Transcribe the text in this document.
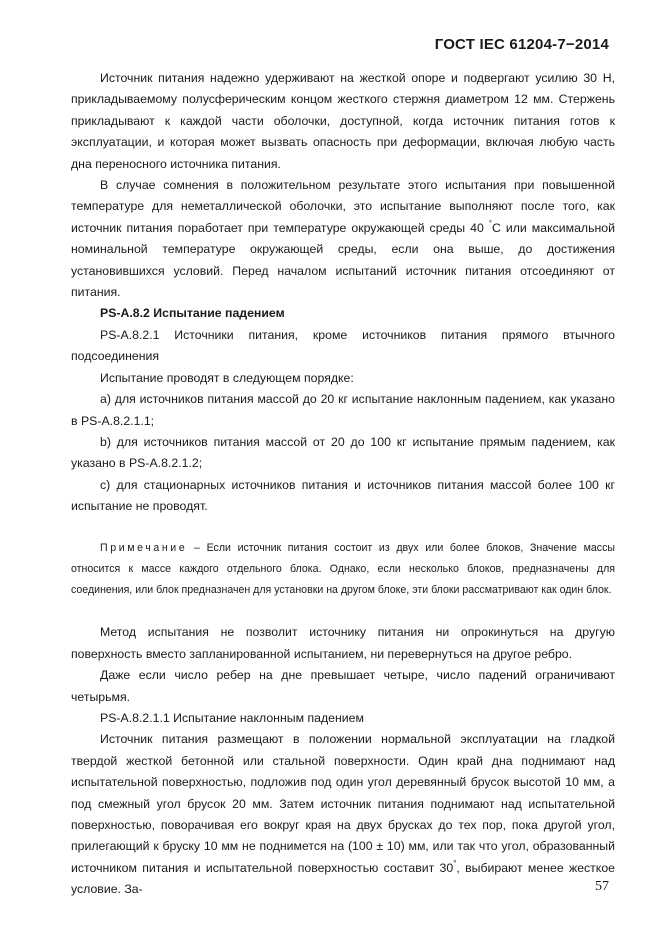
ГОСТ IEC 61204-7−2014

Источник питания надежно удерживают на жесткой опоре и подвергают усилию 30 Н, прикладываемому полусферическим концом жесткого стержня диаметром 12 мм. Стержень прикладывают к каждой части оболочки, доступной, когда источник питания готов к эксплуатации, и которая может вызвать опасность при деформации, включая любую часть дна переносного источника питания.

В случае сомнения в положительном результате этого испытания при повышенной температуре для неметаллической оболочки, это испытание выполняют после того, как источник питания поработает при температуре окружающей среды 40 °С или максимальной номинальной температуре окружающей среды, если она выше, до достижения установившихся условий. Перед началом испытаний источник питания отсоединяют от питания.

PS-A.8.2 Испытание падением

PS-A.8.2.1 Источники питания, кроме источников питания прямого втычного подсоединения

Испытание проводят в следующем порядке:

а) для источников питания массой до 20 кг испытание наклонным падением, как указано в PS-A.8.2.1.1;

b) для источников питания массой от 20 до 100 кг испытание прямым падением, как указано в PS-A.8.2.1.2;

с) для стационарных источников питания и источников питания массой более 100 кг испытание не проводят.

Примечание – Если источник питания состоит из двух или более блоков, Значение массы относится к массе каждого отдельного блока. Однако, если несколько блоков, предназначены для соединения, или блок предназначен для установки на другом блоке, эти блоки рассматривают как один блок.

Метод испытания не позволит источнику питания ни опрокинуться на другую поверхность вместо запланированной испытанием, ни перевернуться на другое ребро.

Даже если число ребер на дне превышает четыре, число падений ограничивают четырьмя.

PS-A.8.2.1.1 Испытание наклонным падением

Источник питания размещают в положении нормальной эксплуатации на гладкой твердой жесткой бетонной или стальной поверхности. Один край дна поднимают над испытательной поверхностью, подложив под один угол деревянный брусок высотой 10 мм, а под смежный угол брусок 20 мм. Затем источник питания поднимают над испытательной поверхностью, поворачивая его вокруг края на двух брусках до тех пор, пока другой угол, прилегающий к бруску 10 мм не поднимется на (100 ± 10) мм, или так что угол, образованный источником питания и испытательной поверхностью составит 30°, выбирают менее жесткое условие. За-	57
